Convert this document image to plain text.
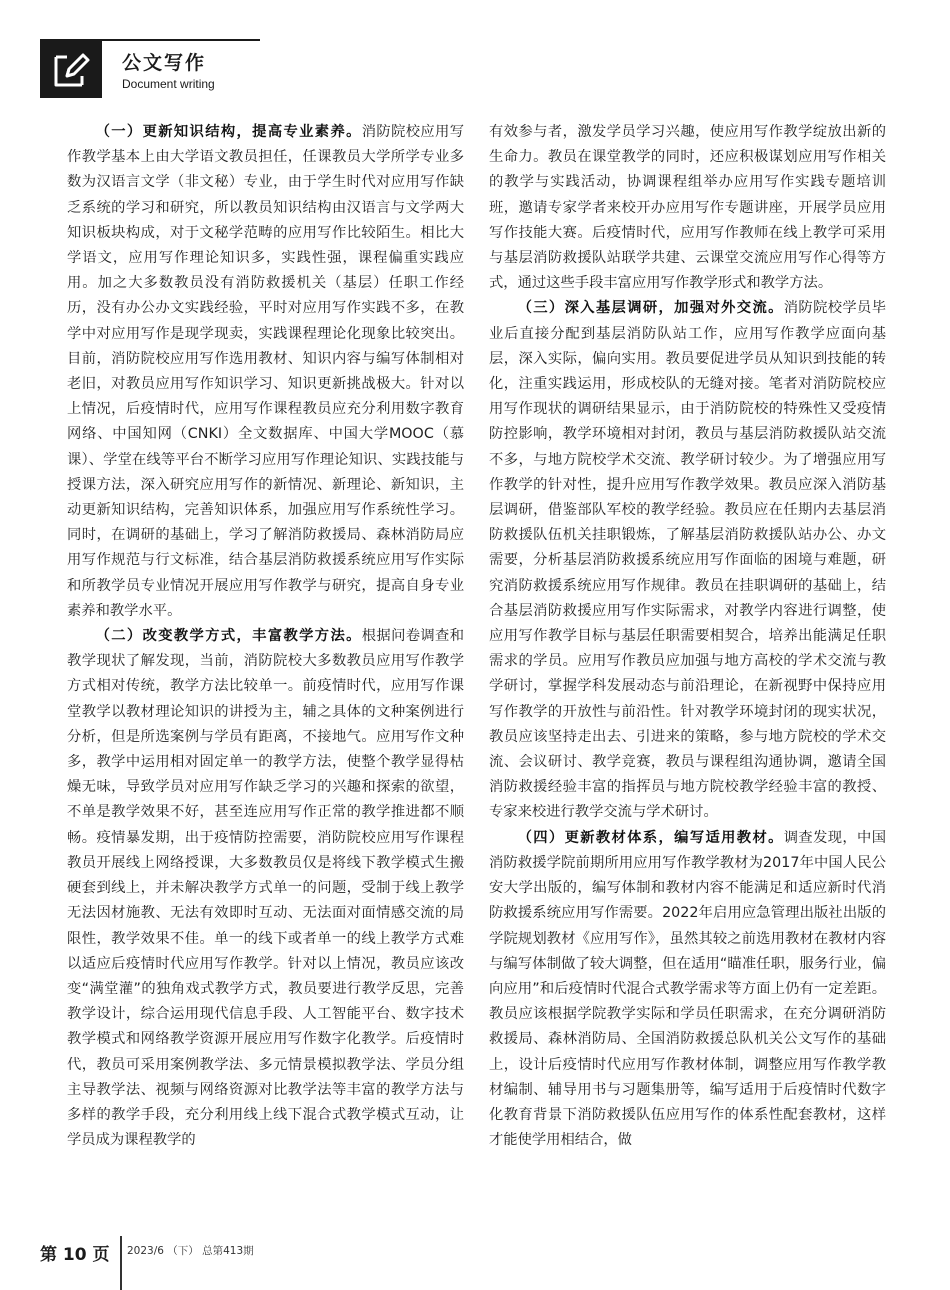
公文写作
Document writing

（一）更新知识结构，提高专业素养。消防院校应用写作教学基本上由大学语文教员担任，任课教员大学所学专业多数为汉语言文学（非文秘）专业，由于学生时代对应用写作缺乏系统的学习和研究，所以教员知识结构由汉语言与文学两大知识板块构成，对于文秘学范畴的应用写作比较陌生。相比大学语文，应用写作理论知识多，实践性强，课程偏重实践应用。加之大多数教员没有消防救援机关（基层）任职工作经历，没有办公办文实践经验，平时对应用写作实践不多，在教学中对应用写作是现学现卖，实践课程理论化现象比较突出。目前，消防院校应用写作选用教材、知识内容与编写体制相对老旧，对教员应用写作知识学习、知识更新挑战极大。针对以上情况，后疫情时代，应用写作课程教员应充分利用数字教育网络、中国知网（CNKI）全文数据库、中国大学MOOC（慕课）、学堂在线等平台不断学习应用写作理论知识、实践技能与授课方法，深入研究应用写作的新情况、新理论、新知识，主动更新知识结构，完善知识体系，加强应用写作系统性学习。同时，在调研的基础上，学习了解消防救援局、森林消防局应用写作规范与行文标准，结合基层消防救援系统应用写作实际和所教学员专业情况开展应用写作教学与研究，提高自身专业素养和教学水平。

（二）改变教学方式，丰富教学方法。根据问卷调查和教学现状了解发现，当前，消防院校大多数教员应用写作教学方式相对传统，教学方法比较单一。前疫情时代，应用写作课堂教学以教材理论知识的讲授为主，辅之具体的文种案例进行分析，但是所选案例与学员有距离，不接地气。应用写作文种多，教学中运用相对固定单一的教学方法，使整个教学显得枯燥无味，导致学员对应用写作缺乏学习的兴趣和探索的欲望，不单是教学效果不好，甚至连应用写作正常的教学推进都不顺畅。疫情暴发期，出于疫情防控需要，消防院校应用写作课程教员开展线上网络授课，大多数教员仅是将线下教学模式生搬硬套到线上，并未解决教学方式单一的问题，受制于线上教学无法因材施教、无法有效即时互动、无法面对面情感交流的局限性，教学效果不佳。单一的线下或者单一的线上教学方式难以适应后疫情时代应用写作教学。针对以上情况，教员应该改变“满堂灌”的独角戏式教学方式，教员要进行教学反思，完善教学设计，综合运用现代信息手段、人工智能平台、数字技术教学模式和网络教学资源开展应用写作数字化教学。后疫情时代，教员可采用案例教学法、多元情景模拟教学法、学员分组主导教学法、视频与网络资源对比教学法等丰富的教学方法与多样的教学手段，充分利用线上线下混合式教学模式互动，让学员成为课程教学的

有效参与者，激发学员学习兴趣，使应用写作教学绽放出新的生命力。教员在课堂教学的同时，还应积极谋划应用写作相关的教学与实践活动，协调课程组举办应用写作实践专题培训班，邀请专家学者来校开办应用写作专题讲座，开展学员应用写作技能大赛。后疫情时代，应用写作教师在线上教学可采用与基层消防救援队站联学共建、云课堂交流应用写作心得等方式，通过这些手段丰富应用写作教学形式和教学方法。

（三）深入基层调研，加强对外交流。消防院校学员毕业后直接分配到基层消防队站工作，应用写作教学应面向基层，深入实际，偏向实用。教员要促进学员从知识到技能的转化，注重实践运用，形成校队的无缝对接。笔者对消防院校应用写作现状的调研结果显示，由于消防院校的特殊性又受疫情防控影响，教学环境相对封闭，教员与基层消防救援队站交流不多，与地方院校学术交流、教学研讨较少。为了增强应用写作教学的针对性，提升应用写作教学效果。教员应深入消防基层调研，借鉴部队军校的教学经验。教员应在任期内去基层消防救援队伍机关挂职锻炼，了解基层消防救援队站办公、办文需要，分析基层消防救援系统应用写作面临的困境与难题，研究消防救援系统应用写作规律。教员在挂职调研的基础上，结合基层消防救援应用写作实际需求，对教学内容进行调整，使应用写作教学目标与基层任职需要相契合，培养出能满足任职需求的学员。应用写作教员应加强与地方高校的学术交流与教学研讨，掌握学科发展动态与前沿理论，在新视野中保持应用写作教学的开放性与前沿性。针对教学环境封闭的现实状况，教员应该坚持走出去、引进来的策略，参与地方院校的学术交流、会议研讨、教学竞赛，教员与课程组沟通协调，邀请全国消防救援经验丰富的指挥员与地方院校教学经验丰富的教授、专家来校进行教学交流与学术研讨。

（四）更新教材体系，编写适用教材。调查发现，中国消防救援学院前期所用应用写作教学教材为2017年中国人民公安大学出版的，编写体制和教材内容不能满足和适应新时代消防救援系统应用写作需要。2022年启用应急管理出版社出版的学院规划教材《应用写作》，虽然其较之前选用教材在教材内容与编写体制做了较大调整，但在适用“瞄准任职，服务行业，偏向应用”和后疫情时代混合式教学需求等方面上仍有一定差距。教员应该根据学院教学实际和学员任职需求，在充分调研消防救援局、森林消防局、全国消防救援总队机关公文写作的基础上，设计后疫情时代应用写作教材体制，调整应用写作教学教材编制、辅导用书与习题集册等，编写适用于后疫情时代数字化教育背景下消防救援队伍应用写作的体系性配套教材，这样才能使学用相结合，做

第 10 页 2023/6 （下） 总第413期
